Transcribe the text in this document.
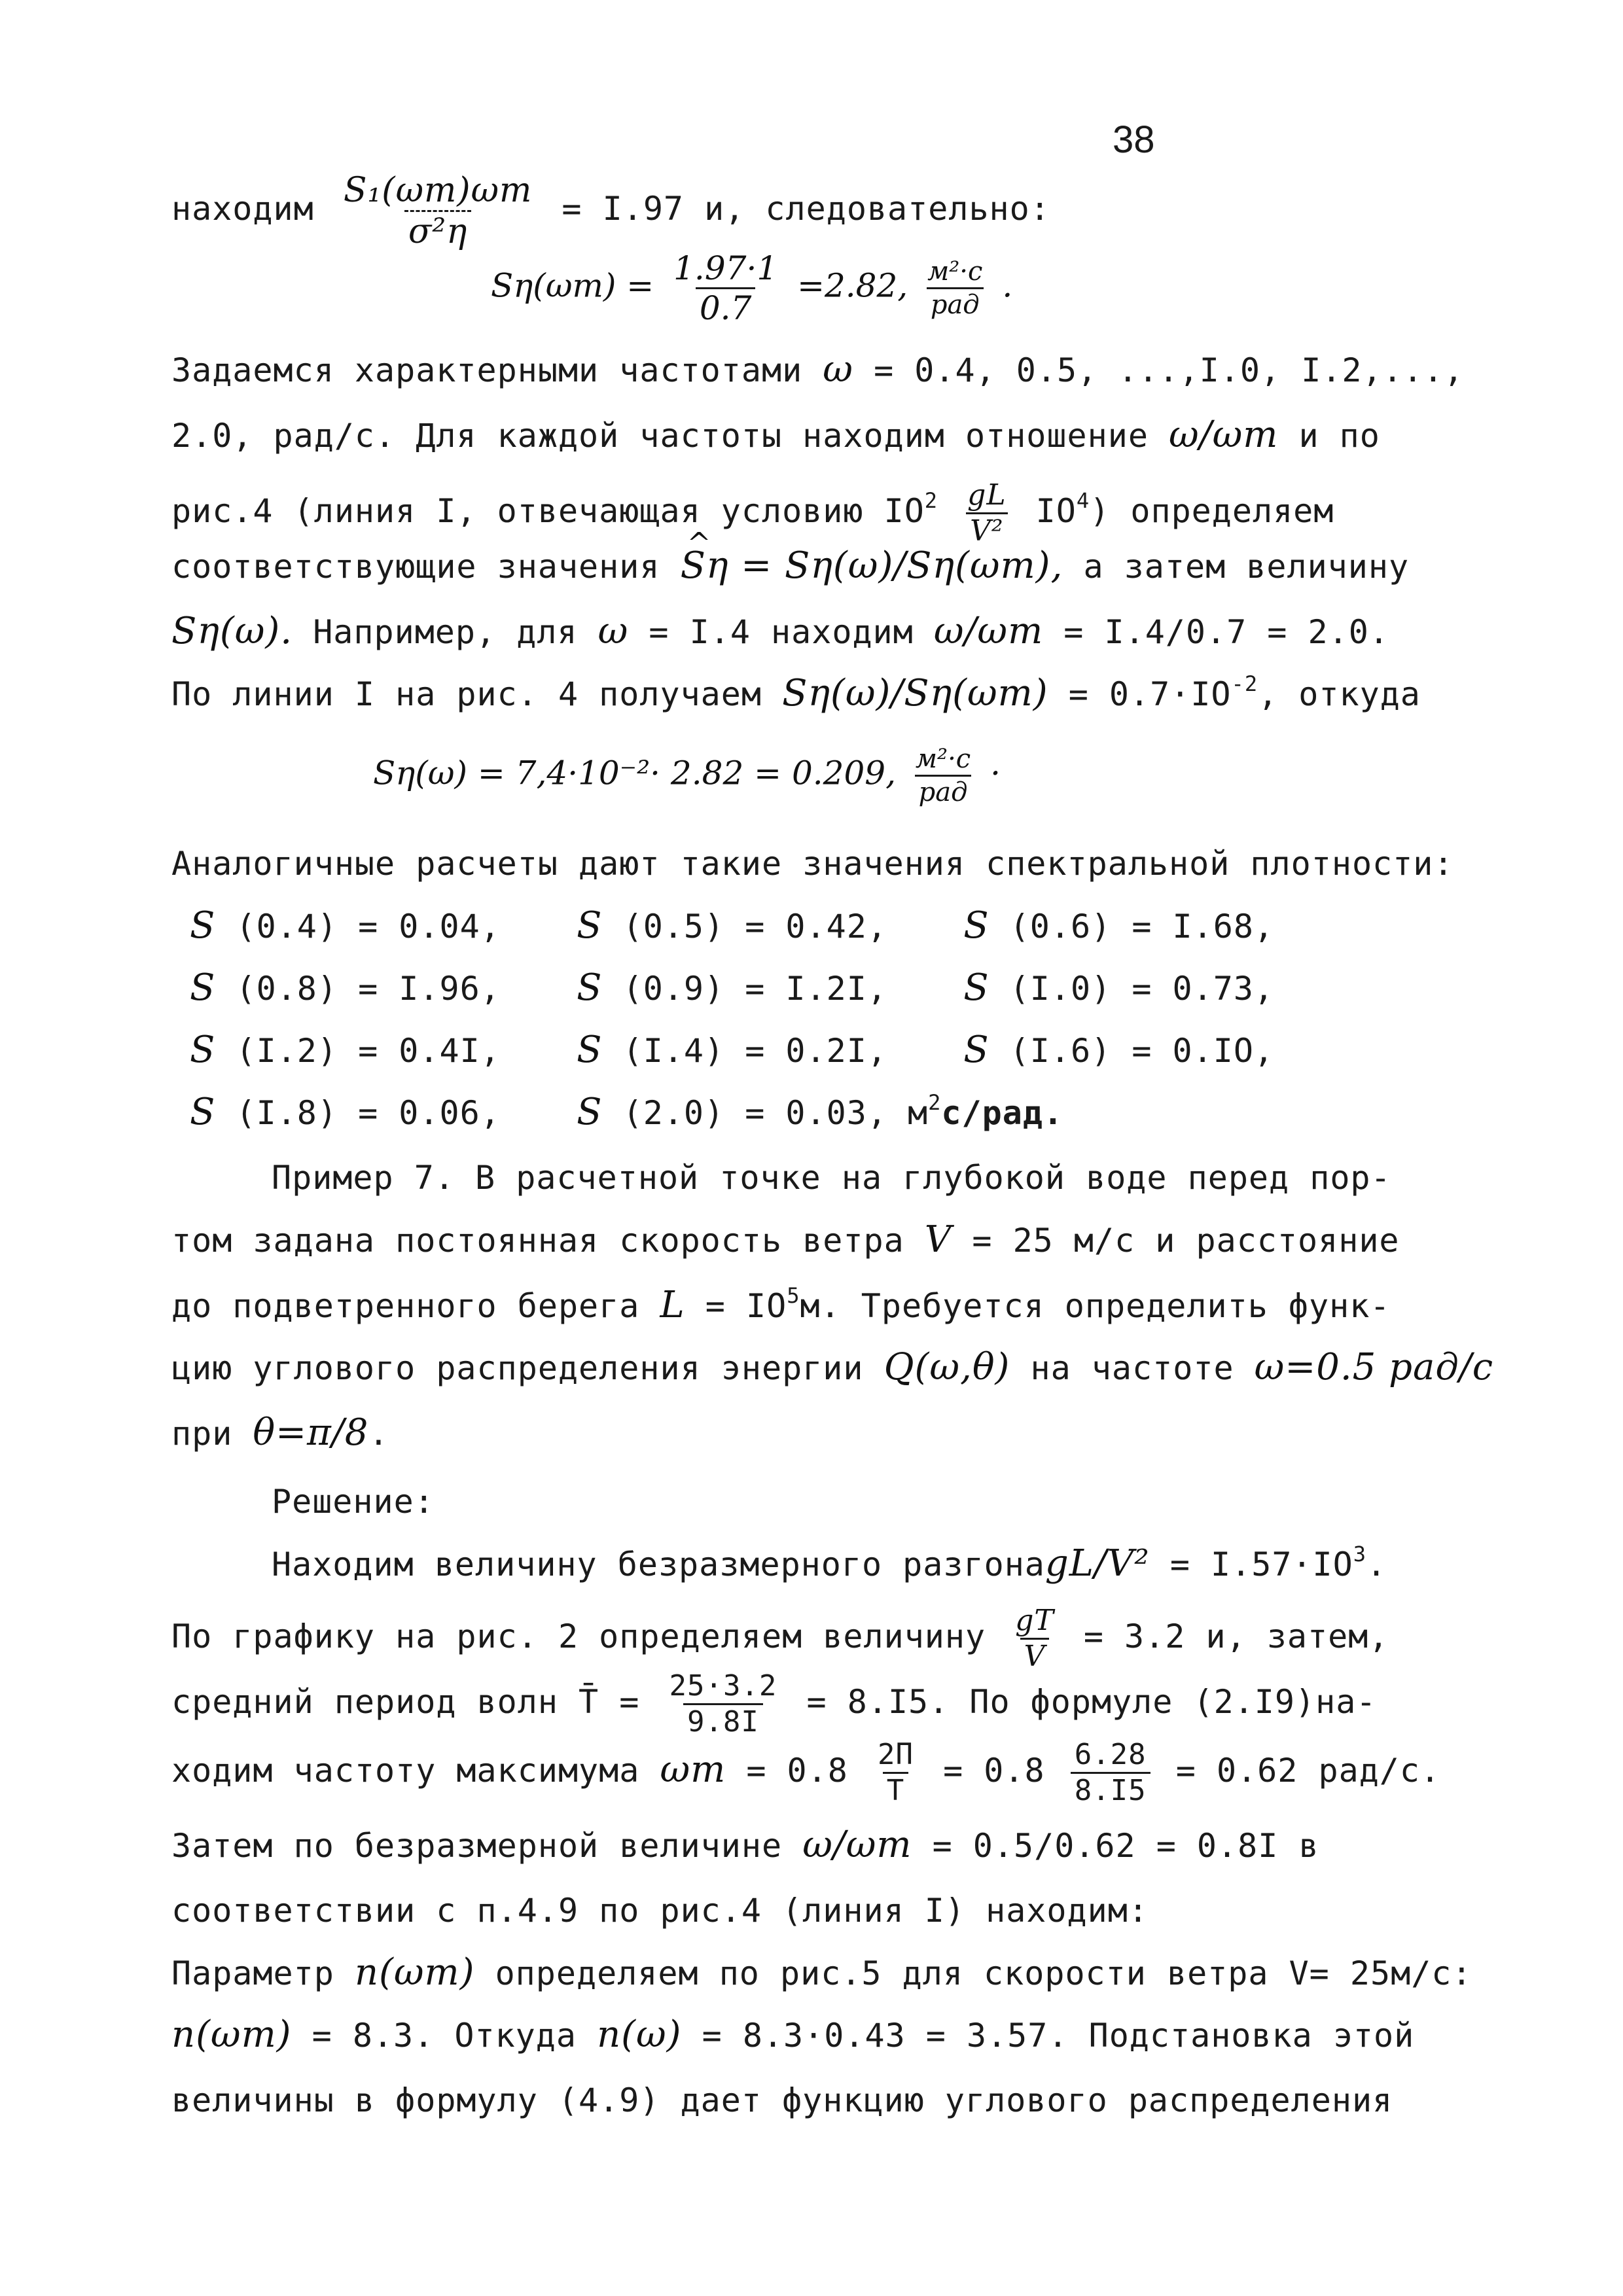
38
находим $\frac{\text{S₁(ωm)ωm}}{\text{σ²η}} = I.97$ и, следовательно:
$S\eta(\omega m) = \frac{1.97\cdot 1}{0.7} =2.82$, $\frac{\text{м²·с}}{\text{рад}}$ .
Задаемся характерными частотами ω = 0.4, 0.5, ...,I.0, I.2,...,
2.0, рад/с. Для каждой частоты находим отношение ω/ωm и по
рис.4 (линия I, отвечающая условию $IO^2 \frac{gL}{\text{V²}} IO^4$) определяем
соответствующие значения ^ Sη = Sη(ω)/Sη(ωm), а затем величину
Sη(ω). Например, для ω = I.4 находим ω/ωm = I.4/0.7 = 2.0.
По линии I на рис. 4 получаем $S\eta(\omega)/S\eta(\omega m) = 0.7\cdot IO^{-2}$, откуда
Sη(ω) = 7,4·10⁻²· 2.82 = 0.209, $\frac{\text{м²·с}}{\text{рад}}$ ·
Аналогичные расчеты дают такие значения спектральной плотности:
S (0.4) = 0.04, S (0.5) = 0.42, S (0.6) = I.68,
S (0.8) = I.96, S (0.9) = I.2I, S (I.0) = 0.73,
S (I.2) = 0.4I, S (I.4) = 0.2I, S (I.6) = 0.IO,
S (I.8) = 0.06, S (2.0) = 0.03, $м^2с$/рад.
Пример 7. В расчетной точке на глубокой воде перед пор-
том задана постоянная скорость ветра V = 25 м/с и расстояние
до подветренного берега $L = IO^5м$. Требуется определить функ-
цию углового распределения энергии Q(ω,θ) на частоте ω=0.5 рад/с
при θ=π/8.
Решение:
Находим величину безразмерного разгонаgL/V² = $I.57\cdot IO^3$.
По графику на рис. 2 определяем величину $\frac{gT}{V} = 3.2$ и, затем,
средний период волн T̄ = $\frac{25\cdot 3.2}{9.8I} = 8.I5$. По формуле (2.I9)на-
ходим частоту максимума $\omega m = 0.8 \frac{2\Pi}{T} = 0.8 \frac{6.28}{8.I5} = 0.62$ рад/с.
Затем по безразмерной величине ω/ωm = 0.5/0.62 = 0.8I в
соответствии с п.4.9 по рис.4 (линия I) находим:
Параметр n(ωm) определяем по рис.5 для скорости ветра V= 25м/с:
n(ωm) = 8.3. Откуда n(ω) = 8.3·0.43 = 3.57. Подстановка этой
величины в формулу (4.9) дает функцию углового распределения
